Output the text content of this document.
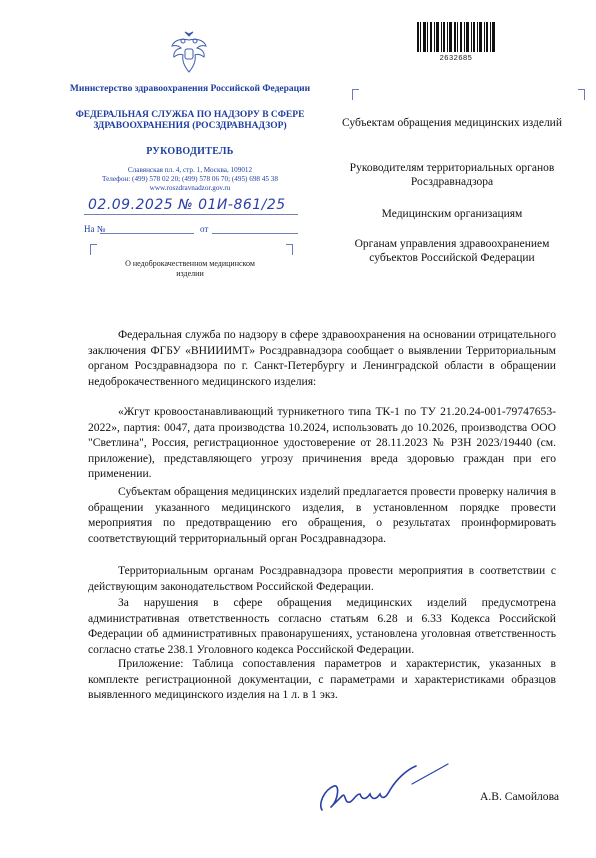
Министерство здравоохранения Российской Федерации
ФЕДЕРАЛЬНАЯ СЛУЖБА ПО НАДЗОРУ В СФЕРЕ ЗДРАВООХРАНЕНИЯ (РОСЗДРАВНАДЗОР)
РУКОВОДИТЕЛЬ
Славянская пл. 4, стр. 1, Москва, 109012
Телефон: (499) 578 02 20; (499) 578 06 70; (495) 698 45 38
www.roszdravnadzor.gov.ru
02.09.2025 № 01И-861/25
На №	от
О недоброкачественном медицинском изделии
2632685
Субъектам обращения медицинских изделий
Руководителям территориальных органов Росздравнадзора
Медицинским организациям
Органам управления здравоохранением субъектов Российской Федерации
Федеральная служба по надзору в сфере здравоохранения на основании отрицательного заключения ФГБУ «ВНИИИМТ» Росздравнадзора сообщает о выявлении Территориальным органом Росздравнадзора по г. Санкт-Петербургу и Ленинградской области в обращении недоброкачественного медицинского изделия:
«Жгут кровоостанавливающий турникетного типа ТК-1 по ТУ 21.20.24-001-79747653-2022», партия: 0047, дата производства 10.2024, использовать до 10.2026, производства ООО "Светлина", Россия, регистрационное удостоверение от 28.11.2023 № РЗН 2023/19440 (см. приложение), представляющего угрозу причинения вреда здоровью граждан при его применении.
Субъектам обращения медицинских изделий предлагается провести проверку наличия в обращении указанного медицинского изделия, в установленном порядке провести мероприятия по предотвращению его обращения, о результатах проинформировать соответствующий территориальный орган Росздравнадзора.
Территориальным органам Росздравнадзора провести мероприятия в соответствии с действующим законодательством Российской Федерации.
За нарушения в сфере обращения медицинских изделий предусмотрена административная ответственность согласно статьям 6.28 и 6.33 Кодекса Российской Федерации об административных правонарушениях, установлена уголовная ответственность согласно статье 238.1 Уголовного кодекса Российской Федерации.
Приложение: Таблица сопоставления параметров и характеристик, указанных в комплекте регистрационной документации, с параметрами и характеристиками образцов выявленного медицинского изделия на 1 л. в 1 экз.
А.В. Самойлова
